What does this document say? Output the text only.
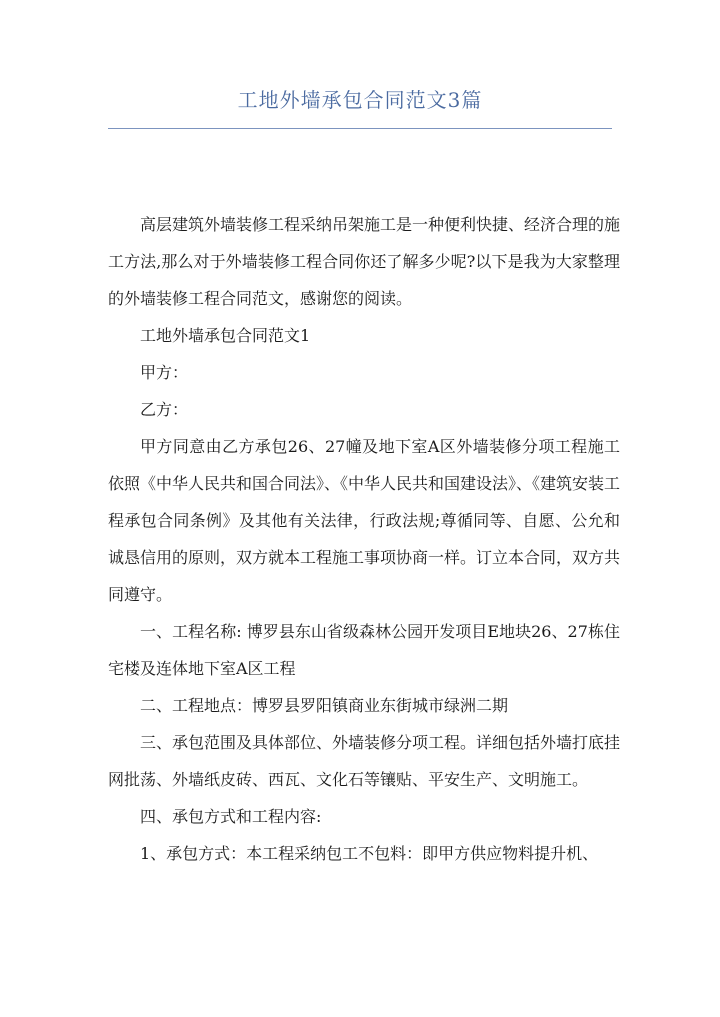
工地外墙承包合同范文3篇

高层建筑外墙装修工程采纳吊架施工是一种便利快捷、经济合理的施工方法,那么对于外墙装修工程合同你还了解多少呢?以下是我为大家整理的外墙装修工程合同范文，感谢您的阅读。

工地外墙承包合同范文1

甲方：

乙方：

甲方同意由乙方承包26、27幢及地下室A区外墙装修分项工程施工依照《中华人民共和国合同法》、《中华人民共和国建设法》、《建筑安装工程承包合同条例》及其他有关法律，行政法规;尊循同等、自愿、公允和诚恳信用的原则，双方就本工程施工事项协商一样。订立本合同，双方共同遵守。

一、工程名称: 博罗县东山省级森林公园开发项目E地块26、27栋住宅楼及连体地下室A区工程

二、工程地点：博罗县罗阳镇商业东街城市绿洲二期

三、承包范围及具体部位、外墙装修分项工程。详细包括外墙打底挂网批荡、外墙纸皮砖、西瓦、文化石等镶贴、平安生产、文明施工。

四、承包方式和工程内容:

1、承包方式：本工程采纳包工不包料：即甲方供应物料提升机、
